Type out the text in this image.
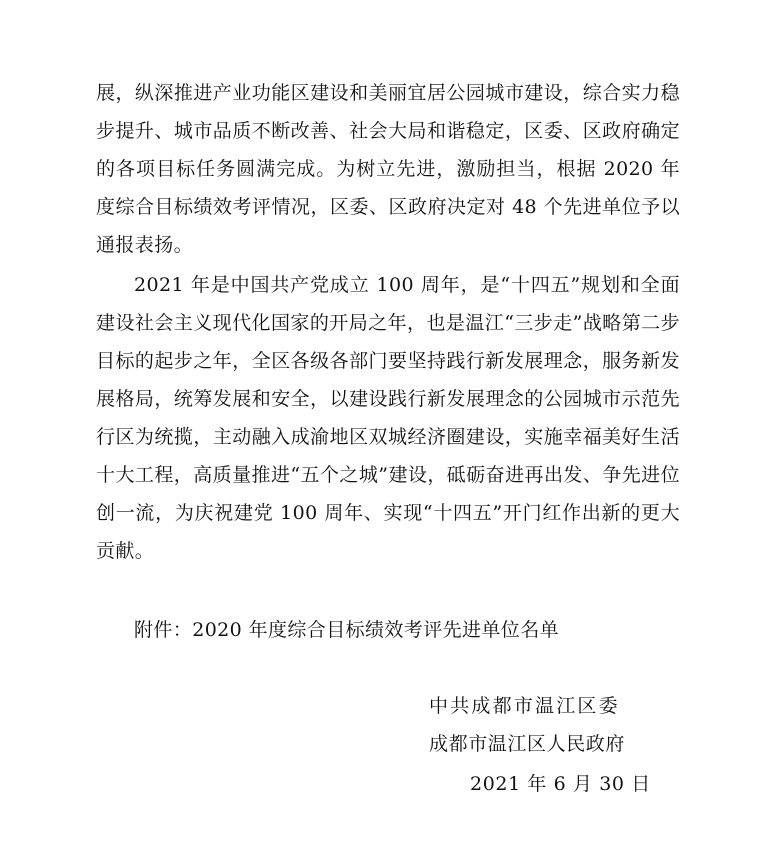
展，纵深推进产业功能区建设和美丽宜居公园城市建设，综合实力稳步提升、城市品质不断改善、社会大局和谐稳定，区委、区政府确定的各项目标任务圆满完成。为树立先进，激励担当，根据 2020 年度综合目标绩效考评情况，区委、区政府决定对 48 个先进单位予以通报表扬。

2021 年是中国共产党成立 100 周年，是“十四五”规划和全面建设社会主义现代化国家的开局之年，也是温江“三步走”战略第二步目标的起步之年，全区各级各部门要坚持践行新发展理念，服务新发展格局，统筹发展和安全，以建设践行新发展理念的公园城市示范先行区为统揽，主动融入成渝地区双城经济圈建设，实施幸福美好生活十大工程，高质量推进“五个之城”建设，砥砺奋进再出发、争先进位创一流，为庆祝建党 100 周年、实现“十四五”开门红作出新的更大贡献。

附件：2020 年度综合目标绩效考评先进单位名单
中共成都市温江区委
成都市温江区人民政府
2021 年 6 月 30 日
